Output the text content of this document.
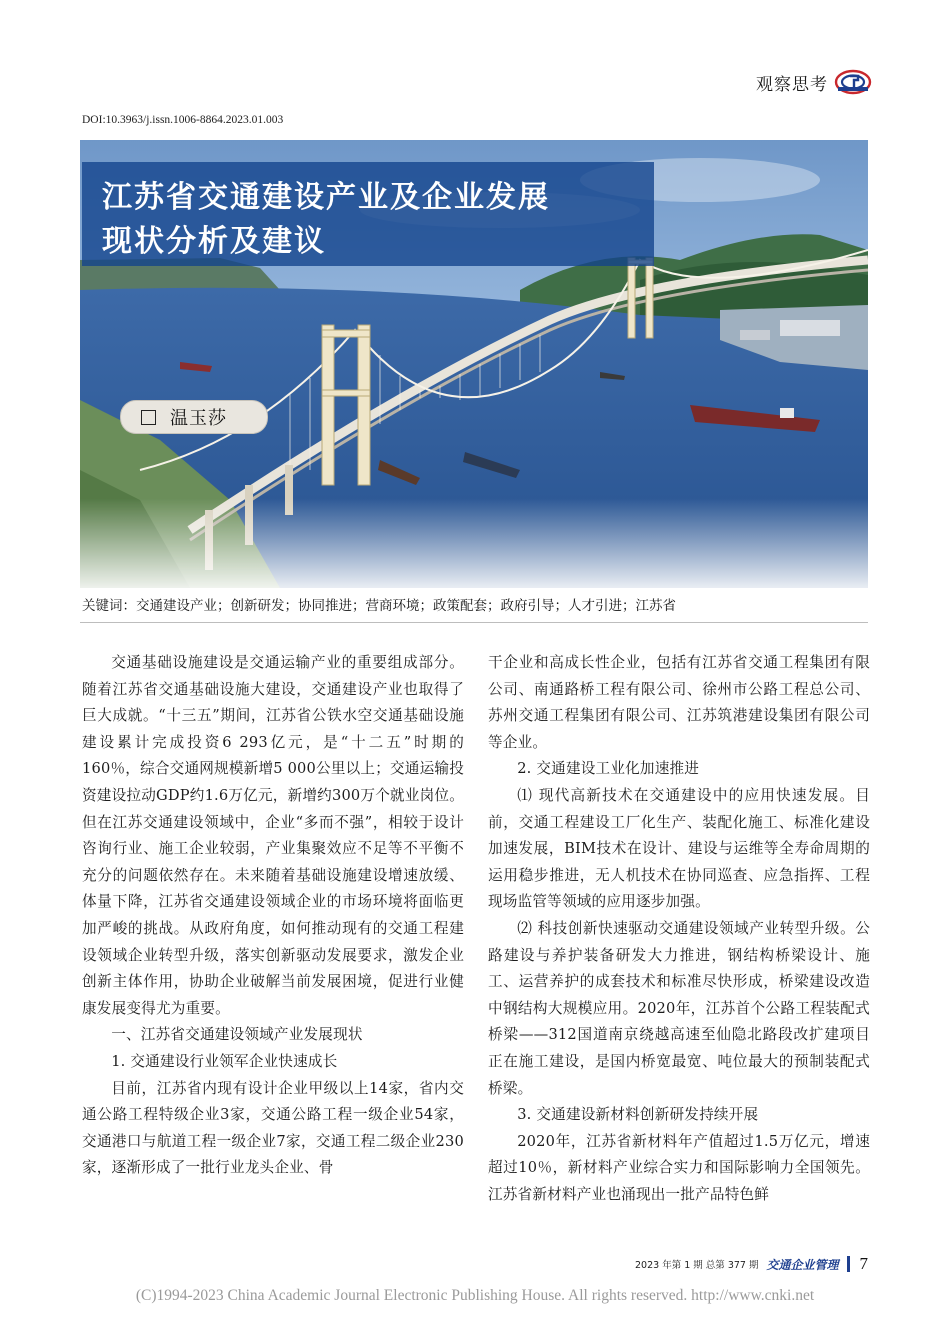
观察思考
DOI:10.3963/j.issn.1006-8864.2023.01.003
江苏省交通建设产业及企业发展
现状分析及建议
温玉莎
关键词：交通建设产业；创新研发；协同推进；营商环境；政策配套；政府引导；人才引进；江苏省

交通基础设施建设是交通运输产业的重要组成部分。随着江苏省交通基础设施大建设，交通建设产业也取得了巨大成就。“十三五”期间，江苏省公铁水空交通基础设施建设累计完成投资6 293亿元，是“十二五”时期的160％，综合交通网规模新增5 000公里以上；交通运输投资建设拉动GDP约1.6万亿元，新增约300万个就业岗位。但在江苏交通建设领域中，企业“多而不强”，相较于设计咨询行业、施工企业较弱，产业集聚效应不足等不平衡不充分的问题依然存在。未来随着基础设施建设增速放缓、体量下降，江苏省交通建设领域企业的市场环境将面临更加严峻的挑战。从政府角度，如何推动现有的交通工程建设领域企业转型升级，落实创新驱动发展要求，激发企业创新主体作用，协助企业破解当前发展困境，促进行业健康发展变得尤为重要。

一、江苏省交通建设领域产业发展现状

1. 交通建设行业领军企业快速成长

目前，江苏省内现有设计企业甲级以上14家，省内交通公路工程特级企业3家，交通公路工程一级企业54家，交通港口与航道工程一级企业7家，交通工程二级企业230家，逐渐形成了一批行业龙头企业、骨

干企业和高成长性企业，包括有江苏省交通工程集团有限公司、南通路桥工程有限公司、徐州市公路工程总公司、苏州交通工程集团有限公司、江苏筑港建设集团有限公司等企业。

2. 交通建设工业化加速推进

⑴ 现代高新技术在交通建设中的应用快速发展。目前，交通工程建设工厂化生产、装配化施工、标准化建设加速发展，BIM技术在设计、建设与运维等全寿命周期的运用稳步推进，无人机技术在协同巡查、应急指挥、工程现场监管等领域的应用逐步加强。

⑵ 科技创新快速驱动交通建设领域产业转型升级。公路建设与养护装备研发大力推进，钢结构桥梁设计、施工、运营养护的成套技术和标准尽快形成，桥梁建设改造中钢结构大规模应用。2020年，江苏首个公路工程装配式桥梁——312国道南京绕越高速至仙隐北路段改扩建项目正在施工建设，是国内桥宽最宽、吨位最大的预制装配式桥梁。

3. 交通建设新材料创新研发持续开展

2020年，江苏省新材料年产值超过1.5万亿元，增速超过10％，新材料产业综合实力和国际影响力全国领先。江苏省新材料产业也涌现出一批产品特色鲜

2023 年第 1 期 总第 377 期 交通企业管理 7
(C)1994-2023 China Academic Journal Electronic Publishing House. All rights reserved. http://www.cnki.net
